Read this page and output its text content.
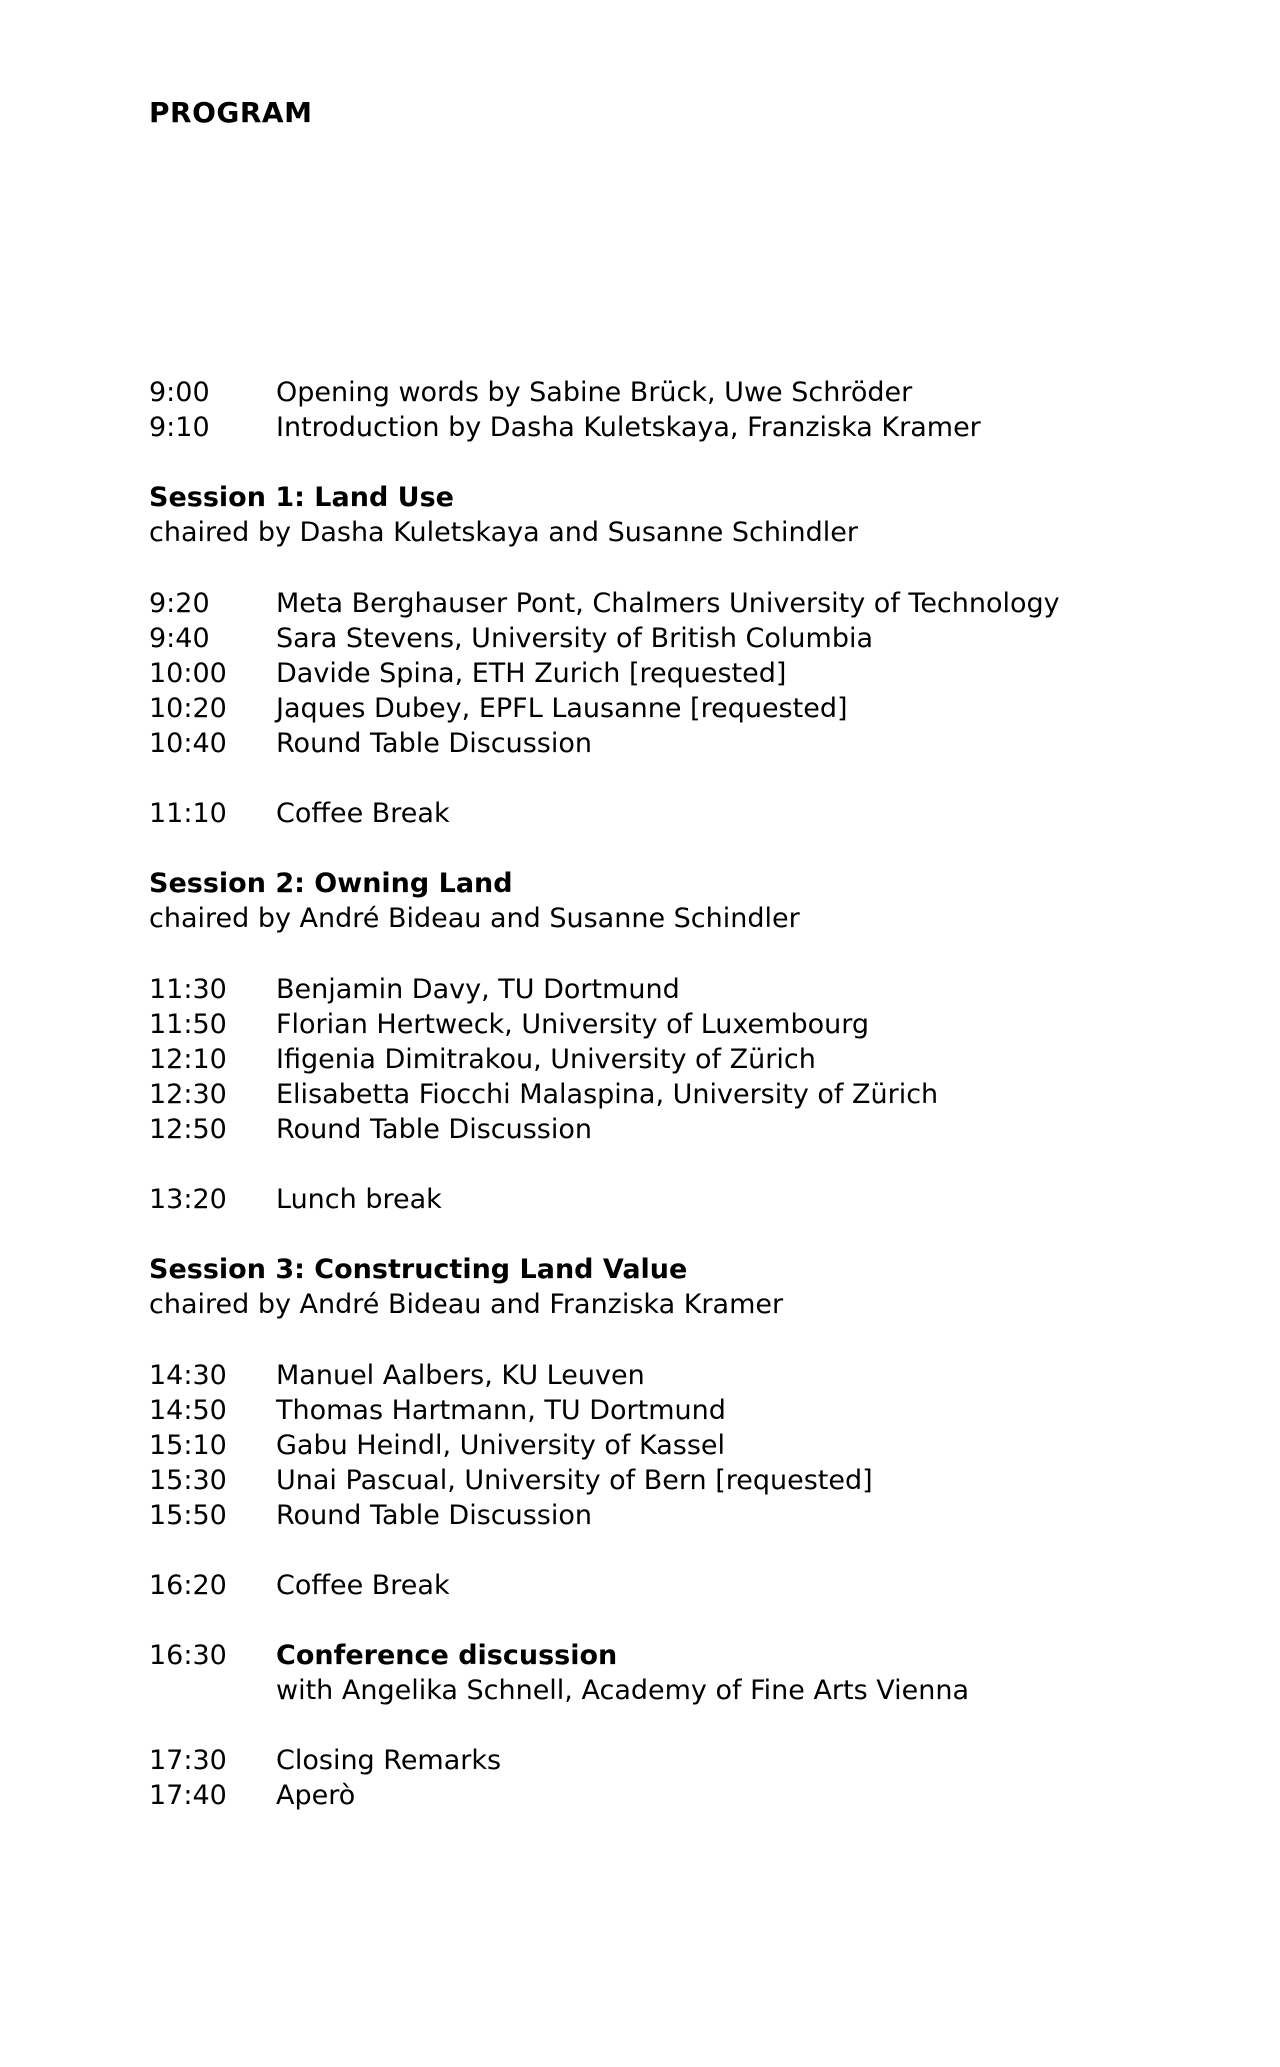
PROGRAM
9:00	Opening words by Sabine Brück, Uwe Schröder
9:10	Introduction by Dasha Kuletskaya, Franziska Kramer
Session 1: Land Use
chaired by Dasha Kuletskaya and Susanne Schindler
9:20	Meta Berghauser Pont, Chalmers University of Technology
9:40	Sara Stevens, University of British Columbia
10:00	Davide Spina, ETH Zurich [requested]
10:20	Jaques Dubey, EPFL Lausanne [requested]
10:40	Round Table Discussion
11:10	Coffee Break
Session 2: Owning Land
chaired by André Bideau and Susanne Schindler
11:30	Benjamin Davy, TU Dortmund
11:50	Florian Hertweck, University of Luxembourg
12:10	Ifigenia Dimitrakou, University of Zürich
12:30	Elisabetta Fiocchi Malaspina, University of Zürich
12:50	Round Table Discussion
13:20	Lunch break
Session 3: Constructing Land Value
chaired by André Bideau and Franziska Kramer
14:30	Manuel Aalbers, KU Leuven
14:50	Thomas Hartmann, TU Dortmund
15:10	Gabu Heindl, University of Kassel
15:30	Unai Pascual, University of Bern [requested]
15:50	Round Table Discussion
16:20	Coffee Break
16:30	Conference discussion
with Angelika Schnell, Academy of Fine Arts Vienna
17:30	Closing Remarks
17:40	Aperò
